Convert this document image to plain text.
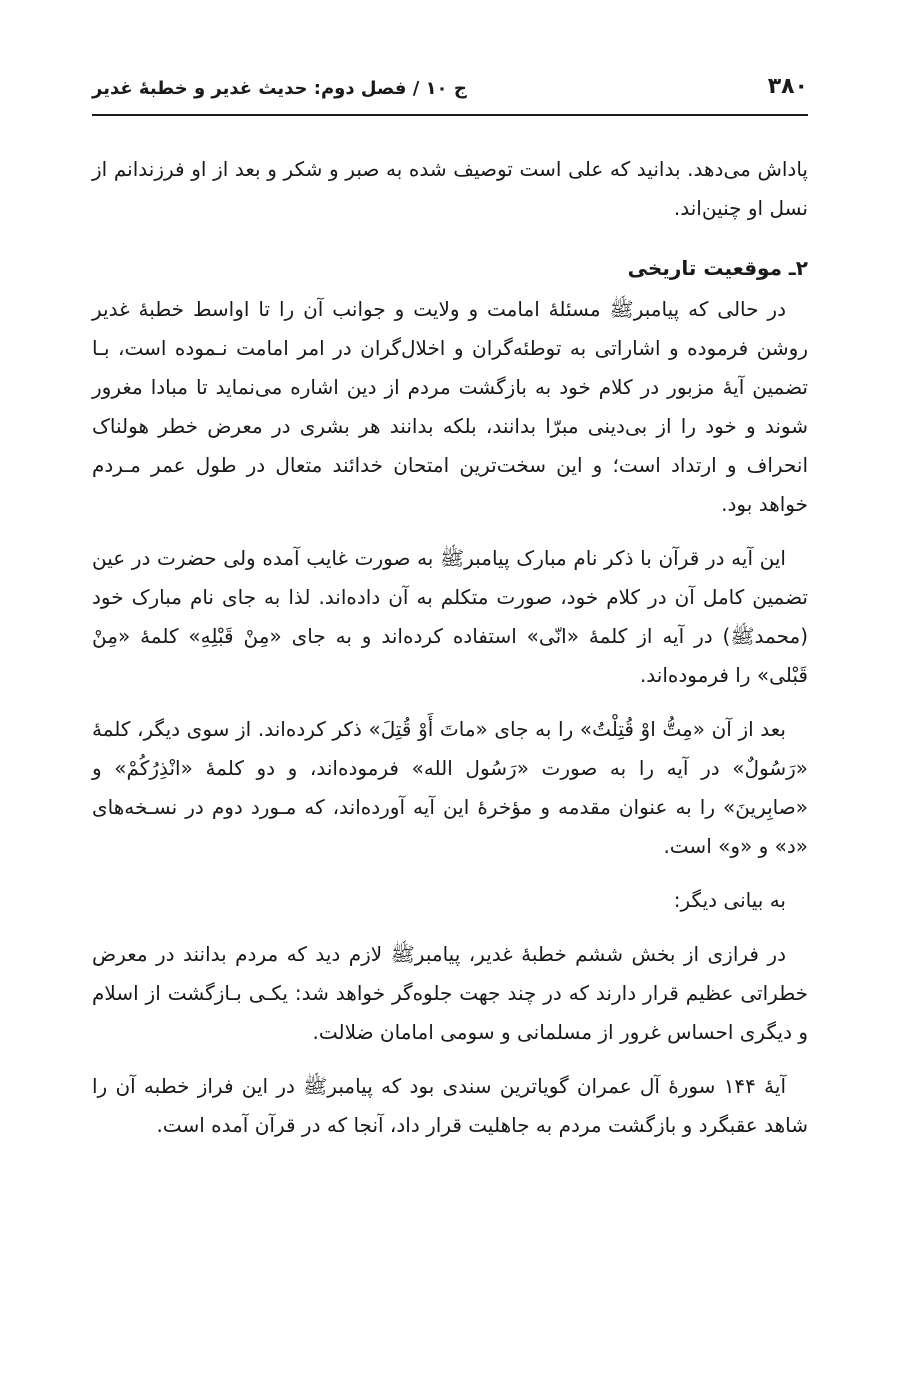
۳۸۰
ج ۱۰ / فصل دوم: حدیث غدیر و خطبۀ غدیر

پاداش می‌دهد. بدانید که علی است توصیف شده به صبر و شکر و بعد از او فرزندانم از نسل او چنین‌اند.

۲ـ موقعیت تاریخی

در حالی که پیامبرﷺ مسئلۀ امامت و ولایت و جوانب آن را تا اواسط خطبۀ غدیر روشن فرموده و اشاراتی به توطئه‌گران و اخلال‌گران در امر امامت نـموده است، بـا تضمین آیۀ مزبور در کلام خود به بازگشت مردم از دین اشاره می‌نماید تا مبادا مغرور شوند و خود را از بی‌دینی مبرّا بدانند، بلکه بدانند هر بشری در معرض خطر هولناک انحراف و ارتداد است؛ و این سخت‌ترین امتحان خدائند متعال در طول عمر مـردم خواهد بود.

این آیه در قرآن با ذکر نام مبارک پیامبرﷺ به صورت غایب آمده ولی حضرت در عین تضمین کامل آن در کلام خود، صورت متکلم به آن داده‌اند. لذا به جای نام مبارک خود (محمدﷺ) در آیه از کلمۀ «انّی» استفاده کرده‌اند و به جای «مِنْ قَبْلِهِ» کلمۀ «مِنْ قَبْلی» را فرموده‌اند.

بعد از آن «مِتُّ اوْ قُتِلْتُ» را به جای «ماتَ أَوْ قُتِلَ» ذکر کرده‌اند. از سوی دیگر، کلمۀ «رَسُولٌ» در آیه را به صورت «رَسُول الله» فرموده‌اند، و دو کلمۀ «انْذِرُکُمْ» و «صابِرینَ» را به عنوان مقدمه و مؤخرۀ این آیه آورده‌اند، که مـورد دوم در نسـخه‌های «د» و «و» است.

به بیانی دیگر:

در فرازی از بخش ششم خطبۀ غدیر، پیامبرﷺ لازم دید که مردم بدانند در معرض خطراتی عظیم قرار دارند که در چند جهت جلوه‌گر خواهد شد: یکـی بـازگشت از اسلام و دیگری احساس غرور از مسلمانی و سومی امامان ضلالت.

آیۀ ۱۴۴ سورۀ آل عمران گویاترین سندی بود که پیامبرﷺ در این فراز خطبه آن را شاهد عقبگرد و بازگشت مردم به جاهلیت قرار داد، آنجا که در قرآن آمده است.
